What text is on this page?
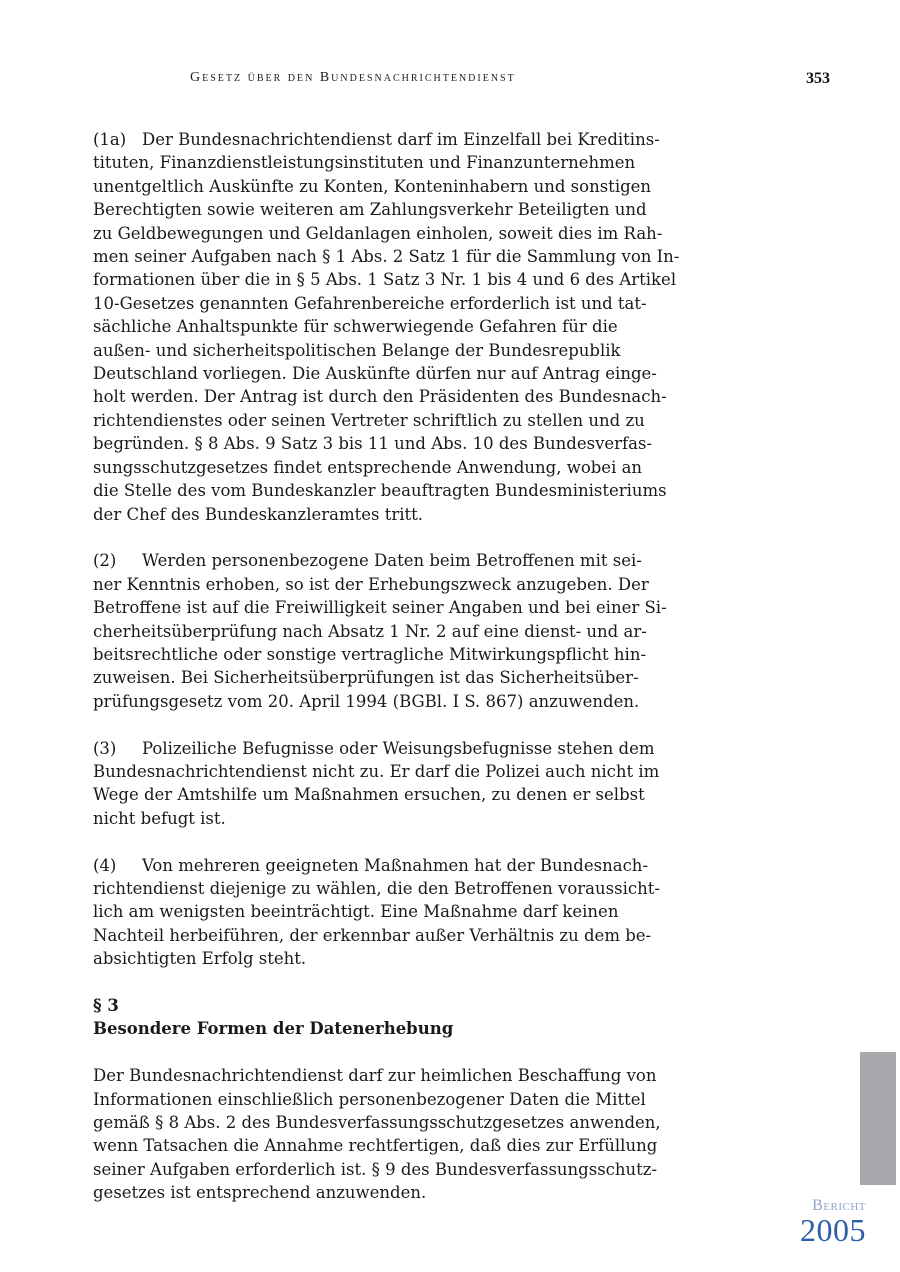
Gesetz über den Bundesnachrichtendienst	353
(1a) Der Bundesnachrichtendienst darf im Einzelfall bei Kreditins-
tituten, Finanzdienstleistungsinstituten und Finanzunternehmen
unentgeltlich Auskünfte zu Konten, Konteninhabern und sonstigen
Berechtigten sowie weiteren am Zahlungsverkehr Beteiligten und
zu Geldbewegungen und Geldanlagen einholen, soweit dies im Rah-
men seiner Aufgaben nach § 1 Abs. 2 Satz 1 für die Sammlung von In-
formationen über die in § 5 Abs. 1 Satz 3 Nr. 1 bis 4 und 6 des Artikel
10-Gesetzes genannten Gefahrenbereiche erforderlich ist und tat-
sächliche Anhaltspunkte für schwerwiegende Gefahren für die
außen- und sicherheitspolitischen Belange der Bundesrepublik
Deutschland vorliegen. Die Auskünfte dürfen nur auf Antrag einge-
holt werden. Der Antrag ist durch den Präsidenten des Bundesnach-
richtendienstes oder seinen Vertreter schriftlich zu stellen und zu
begründen. § 8 Abs. 9 Satz 3 bis 11 und Abs. 10 des Bundesverfas-
sungsschutzgesetzes findet entsprechende Anwendung, wobei an
die Stelle des vom Bundeskanzler beauftragten Bundesministeriums
der Chef des Bundeskanzleramtes tritt.
(2) Werden personenbezogene Daten beim Betroffenen mit sei-
ner Kenntnis erhoben, so ist der Erhebungszweck anzugeben. Der
Betroffene ist auf die Freiwilligkeit seiner Angaben und bei einer Si-
cherheitsüberprüfung nach Absatz 1 Nr. 2 auf eine dienst- und ar-
beitsrechtliche oder sonstige vertragliche Mitwirkungspflicht hin-
zuweisen. Bei Sicherheitsüberprüfungen ist das Sicherheitsüber-
prüfungsgesetz vom 20. April 1994 (BGBl. I S. 867) anzuwenden.
(3) Polizeiliche Befugnisse oder Weisungsbefugnisse stehen dem
Bundesnachrichtendienst nicht zu. Er darf die Polizei auch nicht im
Wege der Amtshilfe um Maßnahmen ersuchen, zu denen er selbst
nicht befugt ist.
(4) Von mehreren geeigneten Maßnahmen hat der Bundesnach-
richtendienst diejenige zu wählen, die den Betroffenen voraussicht-
lich am wenigsten beeinträchtigt. Eine Maßnahme darf keinen
Nachteil herbeiführen, der erkennbar außer Verhältnis zu dem be-
absichtigten Erfolg steht.
§ 3
Besondere Formen der Datenerhebung
Der Bundesnachrichtendienst darf zur heimlichen Beschaffung von
Informationen einschließlich personenbezogener Daten die Mittel
gemäß § 8 Abs. 2 des Bundesverfassungsschutzgesetzes anwenden,
wenn Tatsachen die Annahme rechtfertigen, daß dies zur Erfüllung
seiner Aufgaben erforderlich ist. § 9 des Bundesverfassungsschutz-
gesetzes ist entsprechend anzuwenden.
Bericht
2005
